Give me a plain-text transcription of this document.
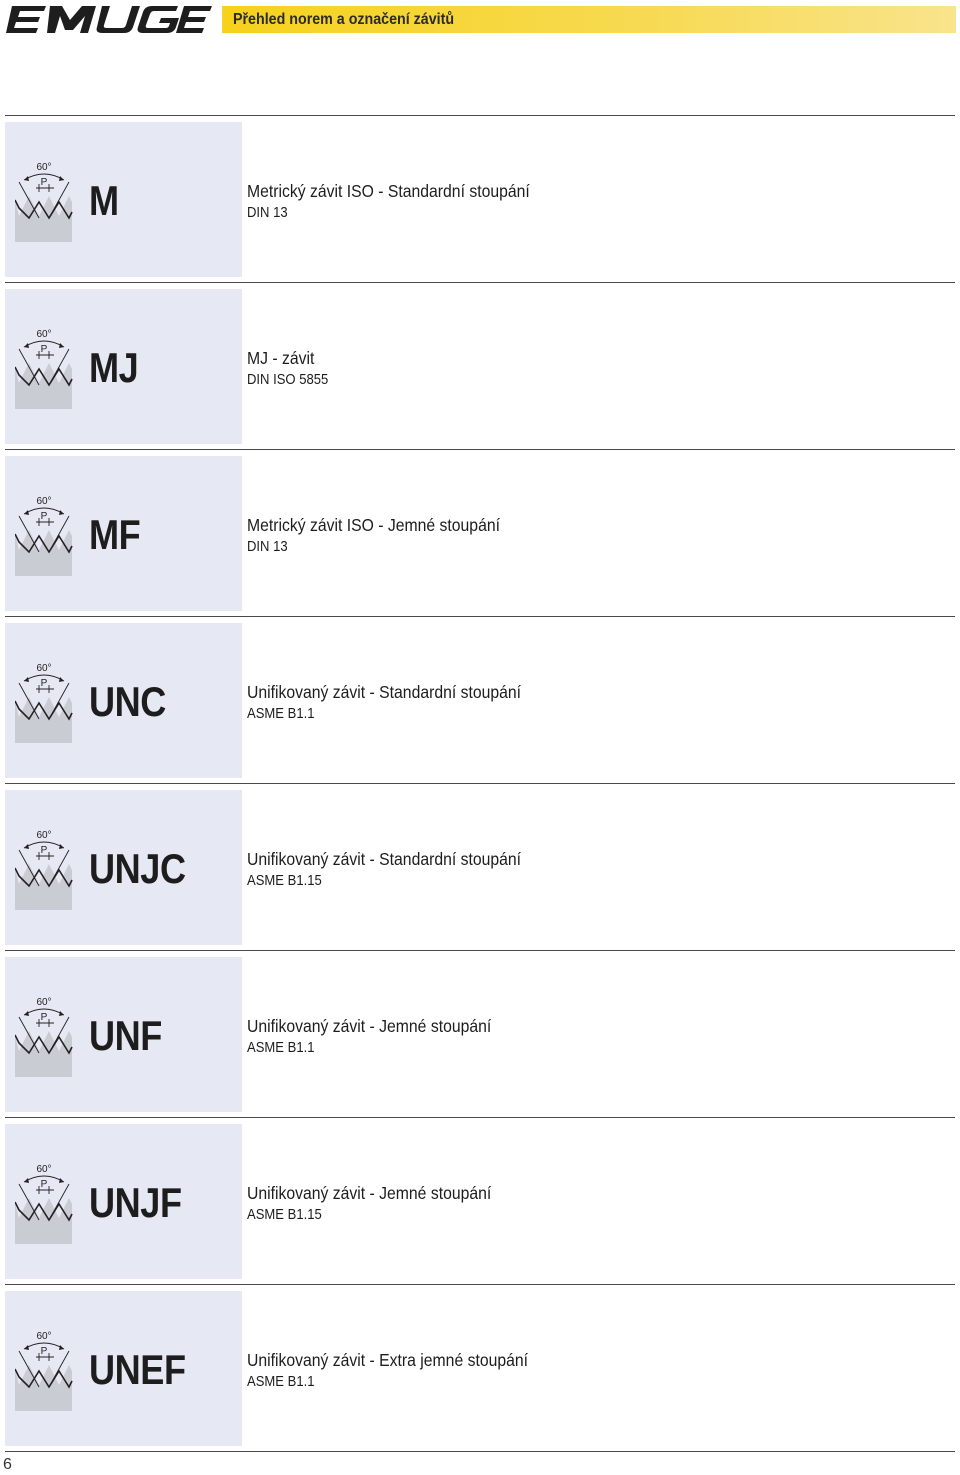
Přehled norem a označení závitů
60°
P M	Metrický závit ISO - Standardní stoupání
DIN 13
60°
P MJ	MJ - závit
DIN ISO 5855
60°
P MF	Metrický závit ISO - Jemné stoupání
DIN 13
60°
P UNC	Unifikovaný závit - Standardní stoupání
ASME B1.1
60°
P UNJC	Unifikovaný závit - Standardní stoupání
ASME B1.15
60°
P UNF	Unifikovaný závit - Jemné stoupání
ASME B1.1
60°
P UNJF	Unifikovaný závit - Jemné stoupání
ASME B1.15
60°
P UNEF	Unifikovaný závit - Extra jemné stoupání
ASME B1.1
6
